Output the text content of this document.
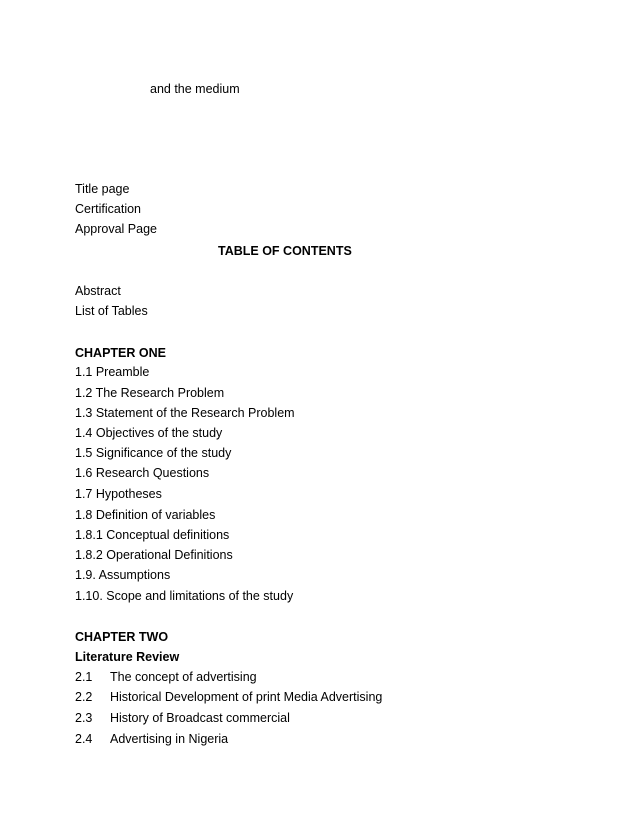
and the medium
Title page
Certification
Approval Page
TABLE OF CONTENTS
Abstract
List of Tables
CHAPTER ONE
1.1 Preamble
1.2 The Research Problem
1.3 Statement of the Research Problem
1.4 Objectives of the study
1.5 Significance of the study
1.6 Research Questions
1.7 Hypotheses
1.8 Definition of variables
1.8.1 Conceptual definitions
1.8.2 Operational Definitions
1.9. Assumptions
1.10. Scope and limitations of the study
CHAPTER TWO
Literature Review
2.1 The concept of advertising
2.2 Historical Development of print Media Advertising
2.3 History of Broadcast commercial
2.4 Advertising in Nigeria
